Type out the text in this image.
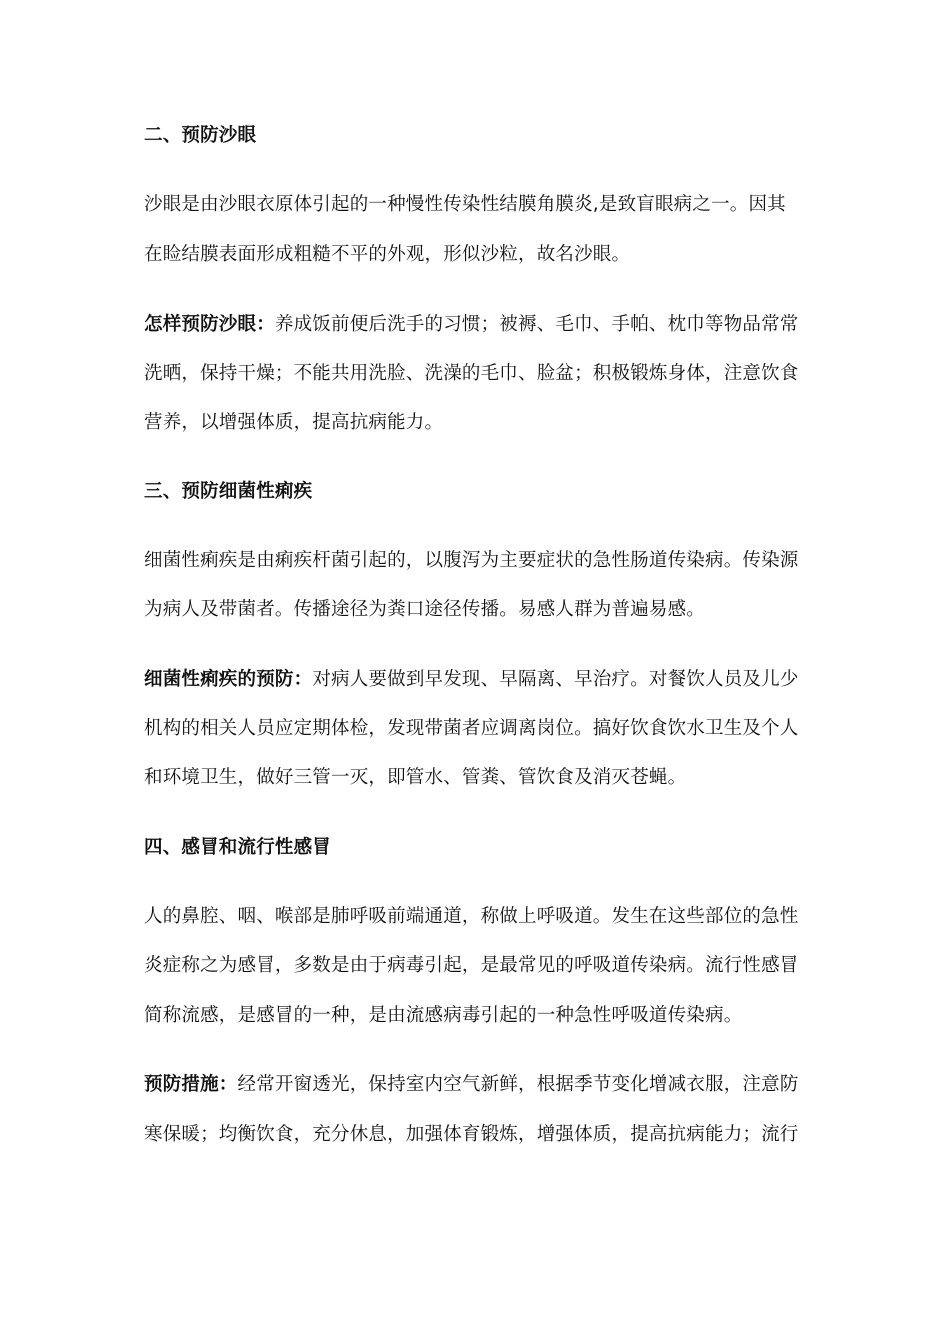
二、预防沙眼
沙眼是由沙眼衣原体引起的一种慢性传染性结膜角膜炎,是致盲眼病之一。因其
在睑结膜表面形成粗糙不平的外观，形似沙粒，故名沙眼。
怎样预防沙眼：养成饭前便后洗手的习惯；被褥、毛巾、手帕、枕巾等物品常常
洗晒，保持干燥；不能共用洗脸、洗澡的毛巾、脸盆；积极锻炼身体，注意饮食
营养，以增强体质，提高抗病能力。
三、预防细菌性痢疾
细菌性痢疾是由痢疾杆菌引起的，以腹泻为主要症状的急性肠道传染病。传染源
为病人及带菌者。传播途径为粪口途径传播。易感人群为普遍易感。
细菌性痢疾的预防：对病人要做到早发现、早隔离、早治疗。对餐饮人员及儿少
机构的相关人员应定期体检，发现带菌者应调离岗位。搞好饮食饮水卫生及个人
和环境卫生，做好三管一灭，即管水、管粪、管饮食及消灭苍蝇。
四、感冒和流行性感冒
人的鼻腔、咽、喉部是肺呼吸前端通道，称做上呼吸道。发生在这些部位的急性
炎症称之为感冒，多数是由于病毒引起，是最常见的呼吸道传染病。流行性感冒
简称流感，是感冒的一种，是由流感病毒引起的一种急性呼吸道传染病。
预防措施：经常开窗透光，保持室内空气新鲜，根据季节变化增减衣服，注意防
寒保暖；均衡饮食，充分休息，加强体育锻炼，增强体质，提高抗病能力；流行
